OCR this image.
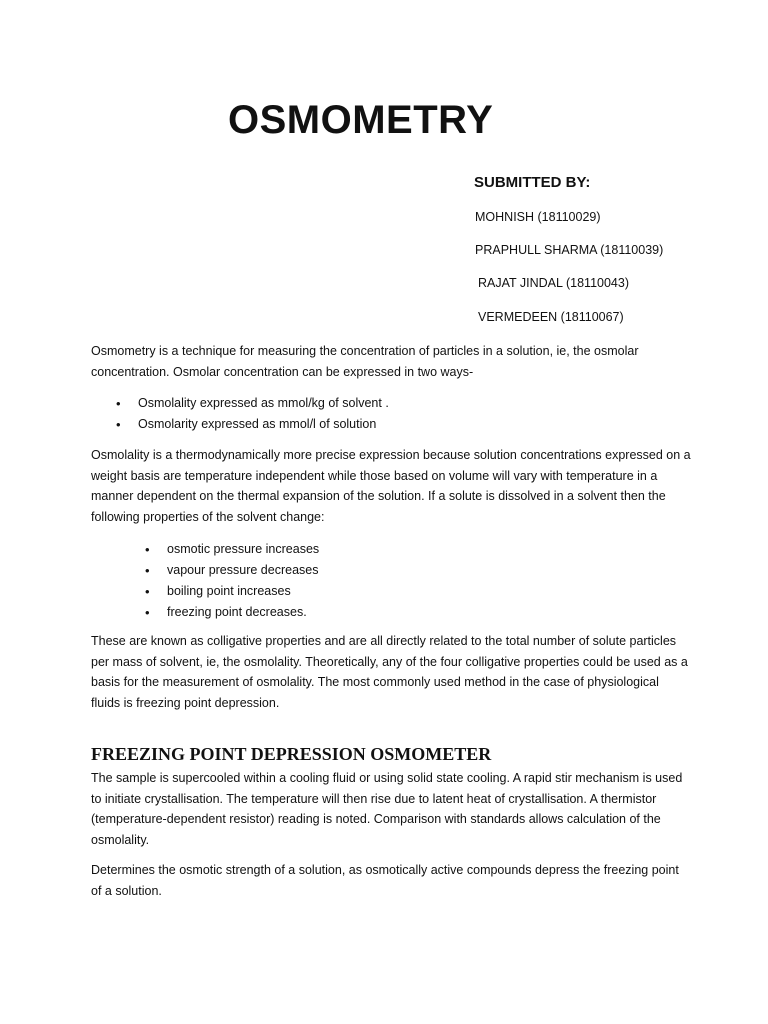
OSMOMETRY
SUBMITTED BY:
MOHNISH (18110029)
PRAPHULL SHARMA (18110039)
RAJAT JINDAL (18110043)
VERMEDEEN (18110067)
Osmometry is a technique for measuring the concentration of particles in a solution, ie, the osmolar concentration. Osmolar concentration can be expressed in two ways-
• Osmolality expressed as mmol/kg of solvent .
• Osmolarity expressed as mmol/l of solution
Osmolality is a thermodynamically more precise expression because solution concentrations expressed on a weight basis are temperature independent while those based on volume will vary with temperature in a manner dependent on the thermal expansion of the solution. If a solute is dissolved in a solvent then the following properties of the solvent change:
• osmotic pressure increases
• vapour pressure decreases
• boiling point increases
• freezing point decreases.
These are known as colligative properties and are all directly related to the total number of solute particles per mass of solvent, ie, the osmolality. Theoretically, any of the four colligative properties could be used as a basis for the measurement of osmolality. The most commonly used method in the case of physiological fluids is freezing point depression.
FREEZING POINT DEPRESSION OSMOMETER
The sample is supercooled within a cooling fluid or using solid state cooling. A rapid stir mechanism is used to initiate crystallisation. The temperature will then rise due to latent heat of crystallisation. A thermistor (temperature-dependent resistor) reading is noted. Comparison with standards allows calculation of the osmolality.
Determines the osmotic strength of a solution, as osmotically active compounds depress the freezing point of a solution.
